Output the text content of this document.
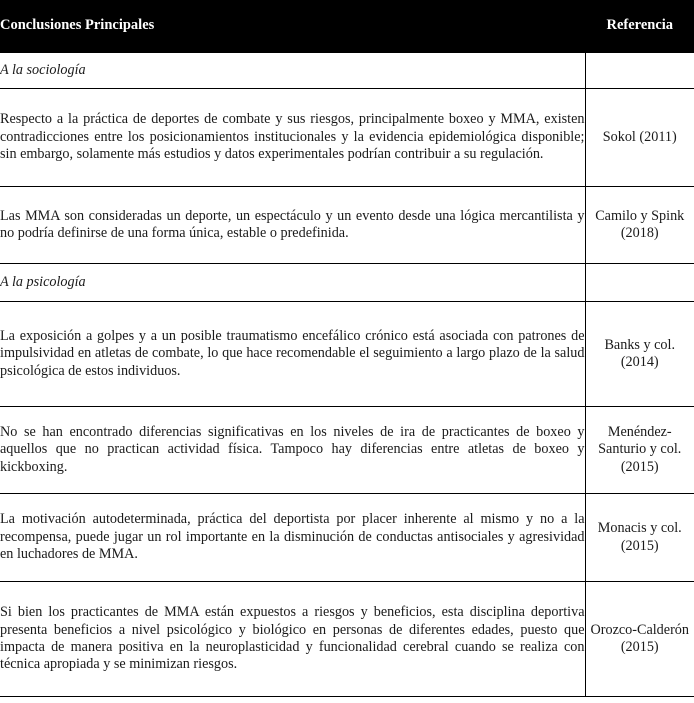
Conclusiones Principales	Referencia
A la sociología	
Respecto a la práctica de deportes de combate y sus riesgos, principalmente boxeo y MMA, existen contradicciones entre los posicionamientos institucionales y la evidencia epidemiológica disponible; sin embargo, solamente más estudios y datos experimentales podrían contribuir a su regulación.	Sokol (2011)
Las MMA son consideradas un deporte, un espectáculo y un evento desde una lógica mercantilista y no podría definirse de una forma única, estable o predefinida.	Camilo y Spink (2018)
A la psicología	
La exposición a golpes y a un posible traumatismo encefálico crónico está asociada con patrones de impulsividad en atletas de combate, lo que hace recomendable el seguimiento a largo plazo de la salud psicológica de estos individuos.	Banks y col. (2014)
No se han encontrado diferencias significativas en los niveles de ira de practicantes de boxeo y aquellos que no practican actividad física. Tampoco hay diferencias entre atletas de boxeo y kickboxing.	Menéndez-Santurio y col. (2015)
La motivación autodeterminada, práctica del deportista por placer inherente al mismo y no a la recompensa, puede jugar un rol importante en la disminución de conductas antisociales y agresividad en luchadores de MMA.	Monacis y col. (2015)
Si bien los practicantes de MMA están expuestos a riesgos y beneficios, esta disciplina deportiva presenta beneficios a nivel psicológico y biológico en personas de diferentes edades, puesto que impacta de manera positiva en la neuroplasticidad y funcionalidad cerebral cuando se realiza con técnica apropiada y se minimizan riesgos.	Orozco-Calderón (2015)
